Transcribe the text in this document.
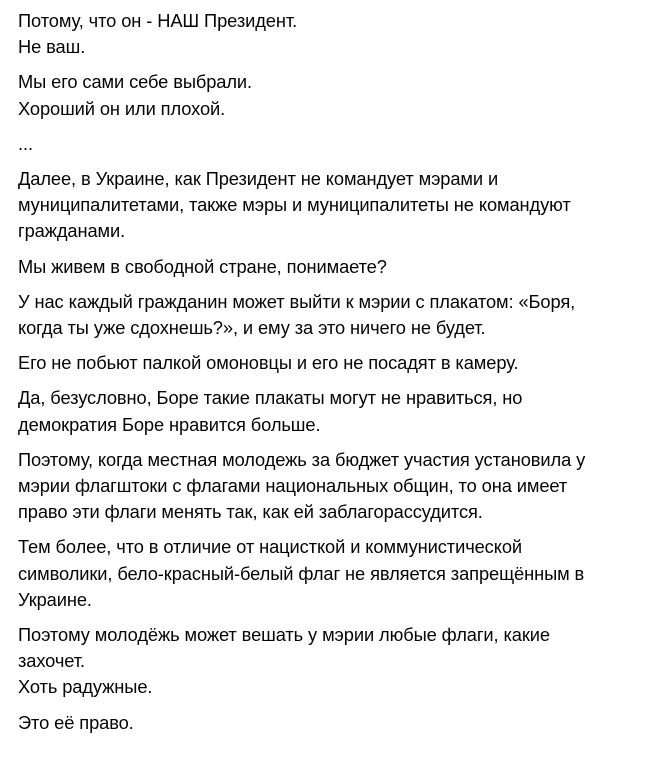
Потому, что он - НАШ Президент.
Не ваш.

Мы его сами себе выбрали.
Хороший он или плохой.

...

Далее, в Украине, как Президент не командует мэрами и
муниципалитетами, также мэры и муниципалитеты не командуют
гражданами.

Мы живем в свободной стране, понимаете?

У нас каждый гражданин может выйти к мэрии с плакатом: «Боря,
когда ты уже сдохнешь?», и ему за это ничего не будет.

Его не побьют палкой омоновцы и его не посадят в камеру.

Да, безусловно, Боре такие плакаты могут не нравиться, но
демократия Боре нравится больше.

Поэтому, когда местная молодежь за бюджет участия установила у
мэрии флагштоки с флагами национальных общин, то она имеет
право эти флаги менять так, как ей заблагорассудится.

Тем более, что в отличие от нацисткой и коммунистической
символики, бело-красный-белый флаг не является запрещённым в
Украине.

Поэтому молодёжь может вешать у мэрии любые флаги, какие
захочет.
Хоть радужные.

Это её право.
